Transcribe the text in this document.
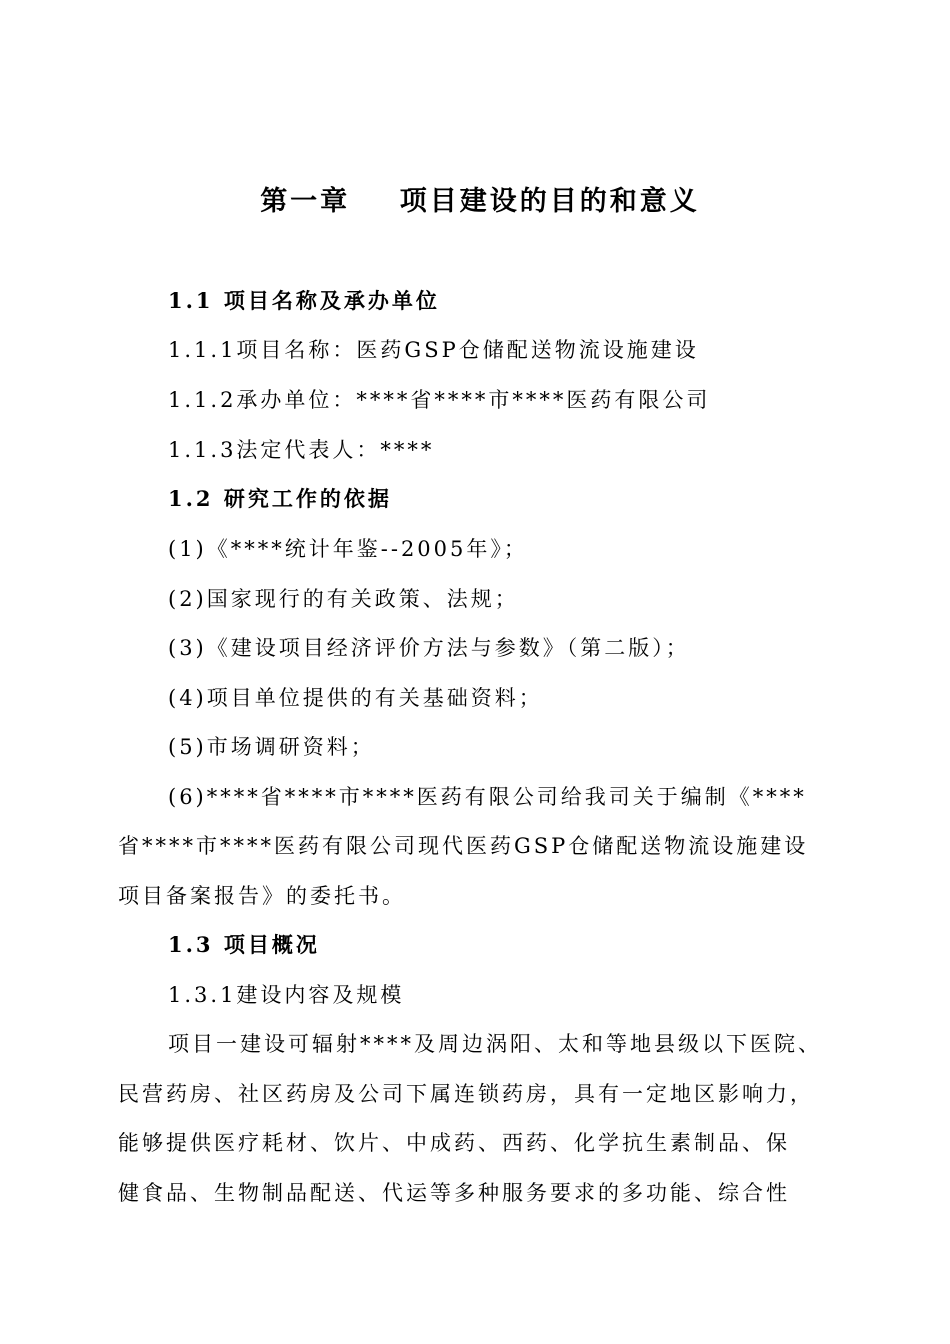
第一章    项目建设的目的和意义
1.1 项目名称及承办单位
1.1.1项目名称：医药GSP仓储配送物流设施建设
1.1.2承办单位：****省****市****医药有限公司
1.1.3法定代表人：****
1.2 研究工作的依据
(1)《****统计年鉴--2005年》；
(2)国家现行的有关政策、法规；
(3)《建设项目经济评价方法与参数》（第二版）；
(4)项目单位提供的有关基础资料；
(5)市场调研资料；
(6)****省****市****医药有限公司给我司关于编制《****
省****市****医药有限公司现代医药GSP仓储配送物流设施建设
项目备案报告》的委托书。
1.3 项目概况
1.3.1建设内容及规模
项目一建设可辐射****及周边涡阳、太和等地县级以下医院、
民营药房、社区药房及公司下属连锁药房，具有一定地区影响力，
能够提供医疗耗材、饮片、中成药、西药、化学抗生素制品、保
健食品、生物制品配送、代运等多种服务要求的多功能、综合性
